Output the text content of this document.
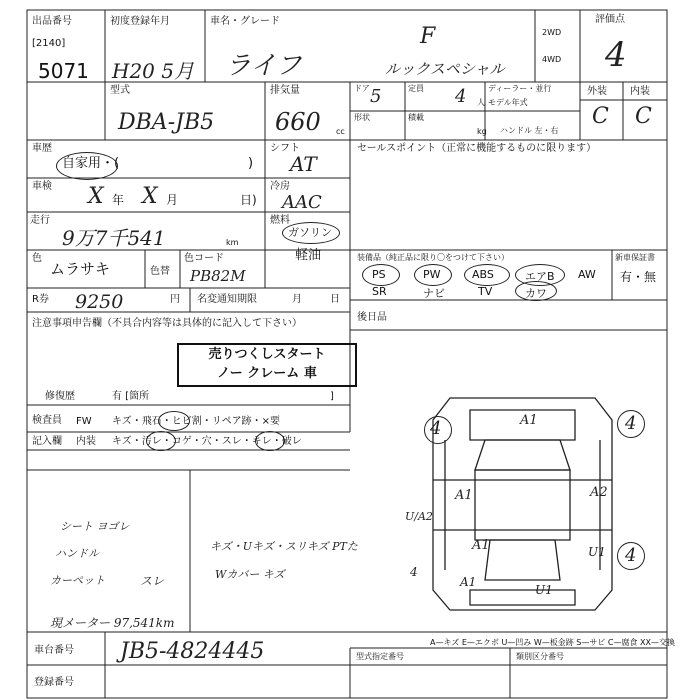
出品番号
[2140]
5071
初度登録年月
H20 5月
車名・グレード
ライフ
F
ルックスペシャル
2WD
4WD
評価点
4
型式
DBA-JB5
排気量
660 cc
ドア 5	定員 4 人
ディーラー・並行
モデル年式
形状	積載
kg ハンドル 左・右
外装 内装
C C
車歴
自家用・(	)
シフト
AT
セールスポイント（正常に機能するものに限ります）
車検 X 年 X 月	日)
冷房
AAC
走行
9万7千541	km
燃料
ガソリン
軽油
色
ムラサキ	色替
色コード
PB82M
装備品（純正品に限り〇をつけて下さい）	新車保証書
有・無
PS	PW	ABS	エアB AW
SR	ナビ	TV	カワ
後日品
R券 9250	円 名変通知期限	月	日
注意事項申告欄（不具合内容等は具体的に記入して下さい）
売りつくしスタート
ノー クレーム 車
修復歴	有 [箇所	]
検査員
記入欄
FW キズ・飛石・ヒビ割・リペア跡・×要
内装 キズ・汚レ・コゲ・穴・スレ・キレ・破レ
シート ヨゴレ
ハンドル
カーペット	スレ
キズ・Uキズ・スリキズ PTた
Wカバー キズ
現メーター 97,541km
A1
A1
A1
A2
U/A2
A1
U1
U1
4	4
4
4
A—キズ E—エクボ U—凹み W—板金跡 S—サビ C—腐食 XX—交換
車台番号 JB5-4824445
登録番号
型式指定番号	類別区分番号
